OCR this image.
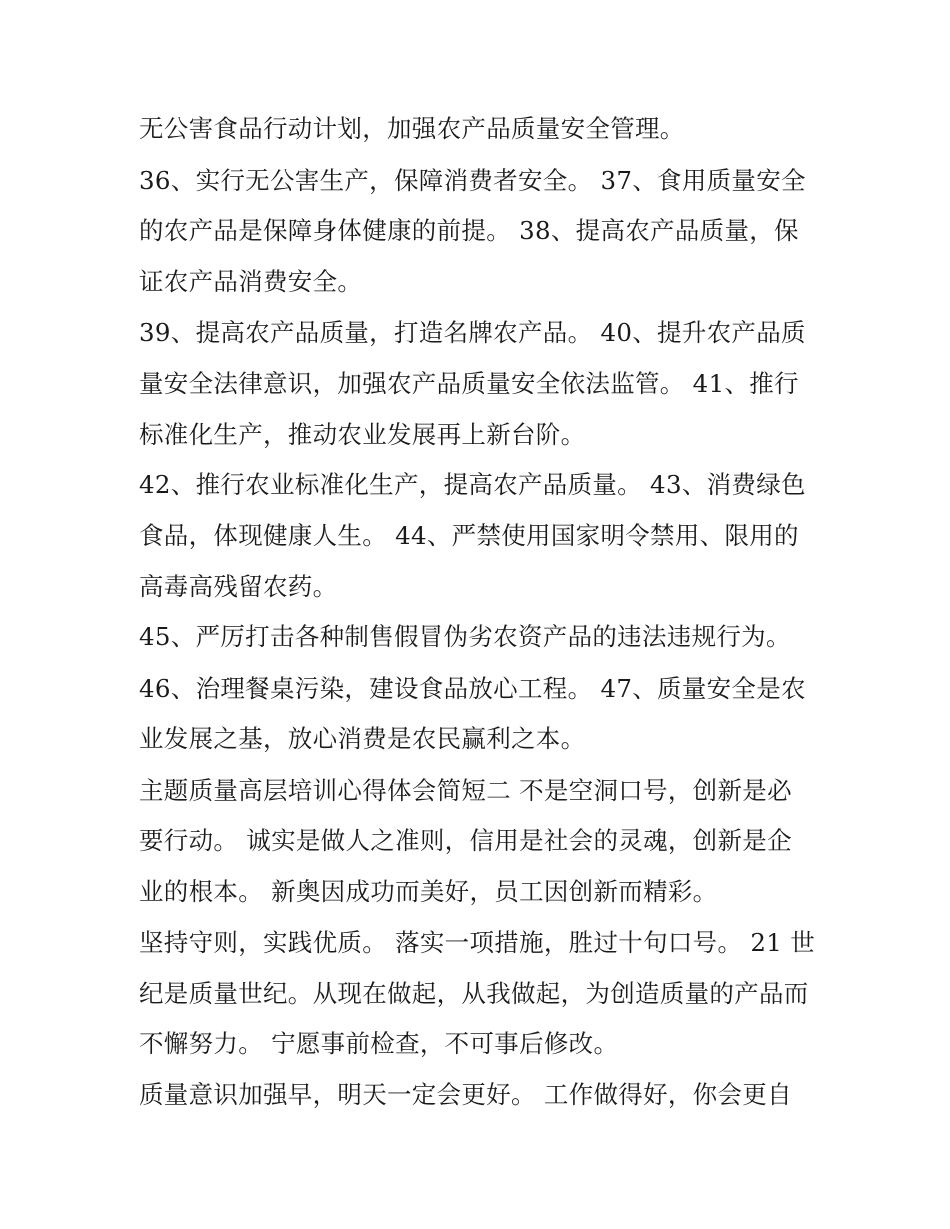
无公害食品行动计划，加强农产品质量安全管理。
36、实行无公害生产，保障消费者安全。 37、食用质量安全
的农产品是保障身体健康的前提。 38、提高农产品质量，保
证农产品消费安全。
39、提高农产品质量，打造名牌农产品。 40、提升农产品质
量安全法律意识，加强农产品质量安全依法监管。 41、推行
标准化生产，推动农业发展再上新台阶。
42、推行农业标准化生产，提高农产品质量。 43、消费绿色
食品，体现健康人生。 44、严禁使用国家明令禁用、限用的
高毒高残留农药。
45、严厉打击各种制售假冒伪劣农资产品的违法违规行为。
46、治理餐桌污染，建设食品放心工程。 47、质量安全是农
业发展之基，放心消费是农民赢利之本。
主题质量高层培训心得体会简短二 不是空洞口号，创新是必
要行动。 诚实是做人之准则，信用是社会的灵魂，创新是企
业的根本。 新奥因成功而美好，员工因创新而精彩。
坚持守则，实践优质。 落实一项措施，胜过十句口号。 21 世
纪是质量世纪。从现在做起，从我做起，为创造质量的产品而
不懈努力。 宁愿事前检查，不可事后修改。
质量意识加强早，明天一定会更好。 工作做得好，你会更自
